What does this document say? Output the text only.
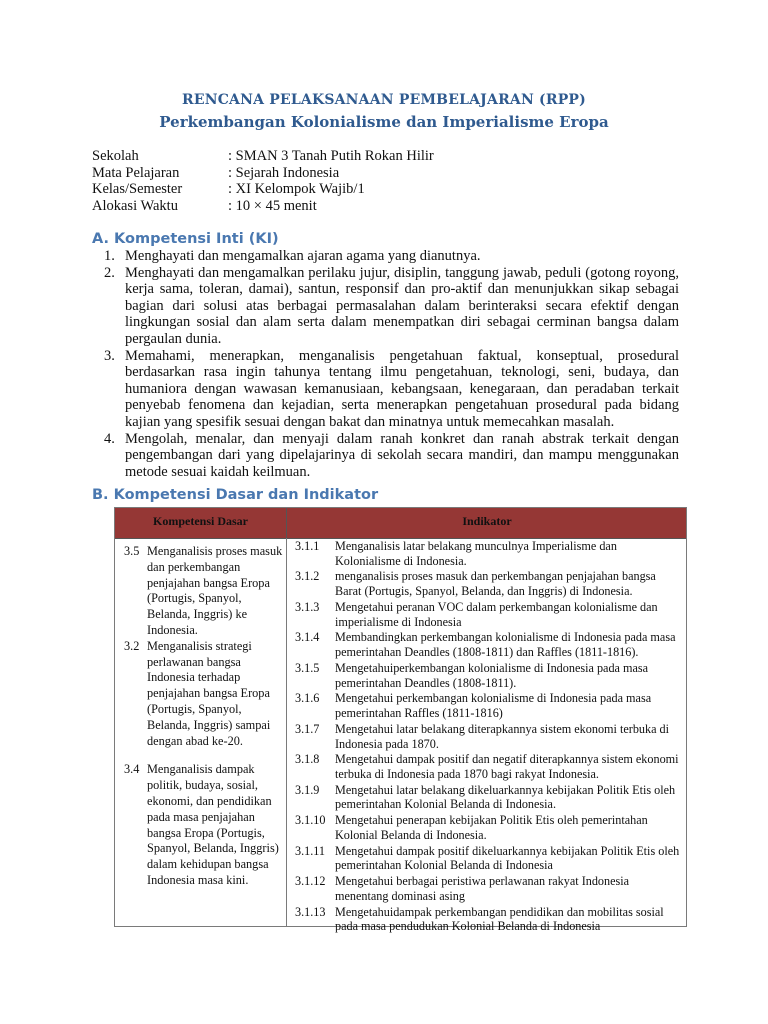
RENCANA PELAKSANAAN PEMBELAJARAN (RPP)
Perkembangan Kolonialisme dan Imperialisme Eropa
Sekolah	: SMAN 3 Tanah Putih Rokan Hilir
Mata Pelajaran	: Sejarah Indonesia
Kelas/Semester	: XI Kelompok Wajib/1
Alokasi Waktu	: 10 × 45 menit
A. Kompetensi Inti (KI)
1. Menghayati dan mengamalkan ajaran agama yang dianutnya.
2. Menghayati dan mengamalkan perilaku jujur, disiplin, tanggung jawab, peduli (gotong royong, kerja sama, toleran, damai), santun, responsif dan pro-aktif dan menunjukkan sikap sebagai bagian dari solusi atas berbagai permasalahan dalam berinteraksi secara efektif dengan lingkungan sosial dan alam serta dalam menempatkan diri sebagai cerminan bangsa dalam pergaulan dunia.
3. Memahami, menerapkan, menganalisis pengetahuan faktual, konseptual, prosedural berdasarkan rasa ingin tahunya tentang ilmu pengetahuan, teknologi, seni, budaya, dan humaniora dengan wawasan kemanusiaan, kebangsaan, kenegaraan, dan peradaban terkait penyebab fenomena dan kejadian, serta menerapkan pengetahuan prosedural pada bidang kajian yang spesifik sesuai dengan bakat dan minatnya untuk memecahkan masalah.
4. Mengolah, menalar, dan menyaji dalam ranah konkret dan ranah abstrak terkait dengan pengembangan dari yang dipelajarinya di sekolah secara mandiri, dan mampu menggunakan metode sesuai kaidah keilmuan.
B. Kompetensi Dasar dan Indikator
Kompetensi Dasar	Indikator
3.5 Menganalisis proses masuk dan perkembangan penjajahan bangsa Eropa (Portugis, Spanyol, Belanda, Inggris) ke Indonesia.
3.2 Menganalisis strategi perlawanan bangsa Indonesia terhadap penjajahan bangsa Eropa (Portugis, Spanyol, Belanda, Inggris) sampai dengan abad ke-20.
3.4 Menganalisis dampak politik, budaya, sosial, ekonomi, dan pendidikan pada masa penjajahan bangsa Eropa (Portugis, Spanyol, Belanda, Inggris) dalam kehidupan bangsa Indonesia masa kini.
3.1.1 Menganalisis latar belakang munculnya Imperialisme dan Kolonialisme di Indonesia.
3.1.2 menganalisis proses masuk dan perkembangan penjajahan bangsa Barat (Portugis, Spanyol, Belanda, dan Inggris) di Indonesia.
3.1.3 Mengetahui peranan VOC dalam perkembangan kolonialisme dan imperialisme di Indonesia
3.1.4 Membandingkan perkembangan kolonialisme di Indonesia pada masa pemerintahan Deandles (1808-1811) dan Raffles (1811-1816).
3.1.5 Mengetahuiperkembangan kolonialisme di Indonesia pada masa pemerintahan Deandles (1808-1811).
3.1.6 Mengetahui perkembangan kolonialisme di Indonesia pada masa pemerintahan Raffles (1811-1816)
3.1.7 Mengetahui latar belakang diterapkannya sistem ekonomi terbuka di Indonesia pada 1870.
3.1.8 Mengetahui dampak positif dan negatif diterapkannya sistem ekonomi terbuka di Indonesia pada 1870 bagi rakyat Indonesia.
3.1.9 Mengetahui latar belakang dikeluarkannya kebijakan Politik Etis oleh pemerintahan Kolonial Belanda di Indonesia.
3.1.10 Mengetahui penerapan kebijakan Politik Etis oleh pemerintahan Kolonial Belanda di Indonesia.
3.1.11 Mengetahui dampak positif dikeluarkannya kebijakan Politik Etis oleh pemerintahan Kolonial Belanda di Indonesia
3.1.12 Mengetahui berbagai peristiwa perlawanan rakyat Indonesia menentang dominasi asing
3.1.13 Mengetahuidampak perkembangan pendidikan dan mobilitas sosial pada masa pendudukan Kolonial Belanda di Indonesia
